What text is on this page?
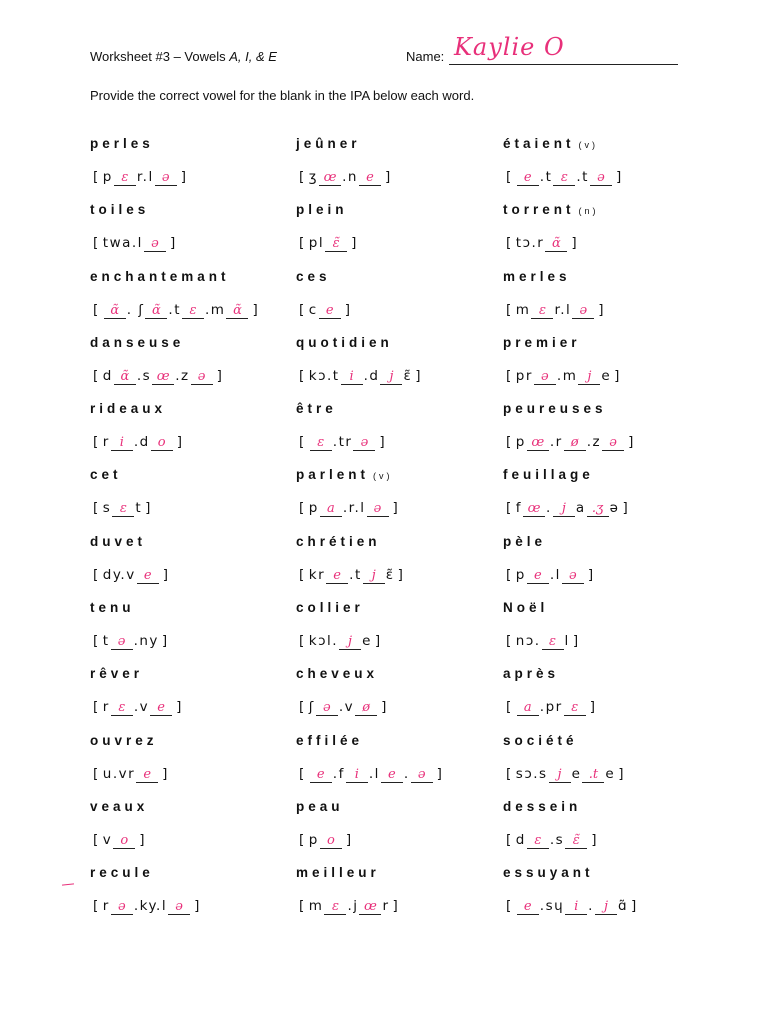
Worksheet #3 – Vowels A, I, & E	Name: Kaylie O
Provide the correct vowel for the blank in the IPA below each word.
perles
[ p ɛ r.l ə ]
toiles
[ twa.l ə ]
enchantemant
[ ɑ̃ . ʃ ɑ̃ .t ɛ .m ɑ̃ ]
danseuse
[ d ɑ̃ .s œ .z ə ]
rideaux
[ r i .d o ]
cet
[ s ɛ t ]
duvet
[ dy.v e ]
tenu
[ t ə .ny ]
rêver
[ r ɛ .v e ]
ouvrez
[ u.vr e ]
veaux
[ v o ]
recule
[ r ə .ky.l ə ]
jeûner
[ ʒ œ .n e ]
plein
[ pl ɛ̃ ]
ces
[ c e ]
quotidien
[ kɔ.t i .d j ɛ̃ ]
être
[ ɛ .tr ə ]
parlent (v)
[ p a .r.l ə ]
chrétien
[ kr e .t j ɛ̃ ]
collier
[ kɔl. j e ]
cheveux
[ ʃ ə .v ø ]
effilée
[ e .f i .l e . ə ]
peau
[ p o ]
meilleur
[ m ɛ .j œ r ]
étaient (v)
[ e .t ɛ .t ə ]
torrent (n)
[ tɔ.r ɑ̃ ]
merles
[ m ɛ r.l ə ]
premier
[ pr ə .m j e ]
peureuses
[ p œ .r ø .z ə ]
feuillage
[ f œ . j a .ʒ ə ]
pèle
[ p e .l ə ]
Noël
[ nɔ. ɛ l ]
après
[ a .pr ɛ ]
société
[ sɔ.s j e .t e ]
dessein
[ d ɛ .s ɛ̃ ]
essuyant
[ e .sɥ i . j ɑ̃ ]
